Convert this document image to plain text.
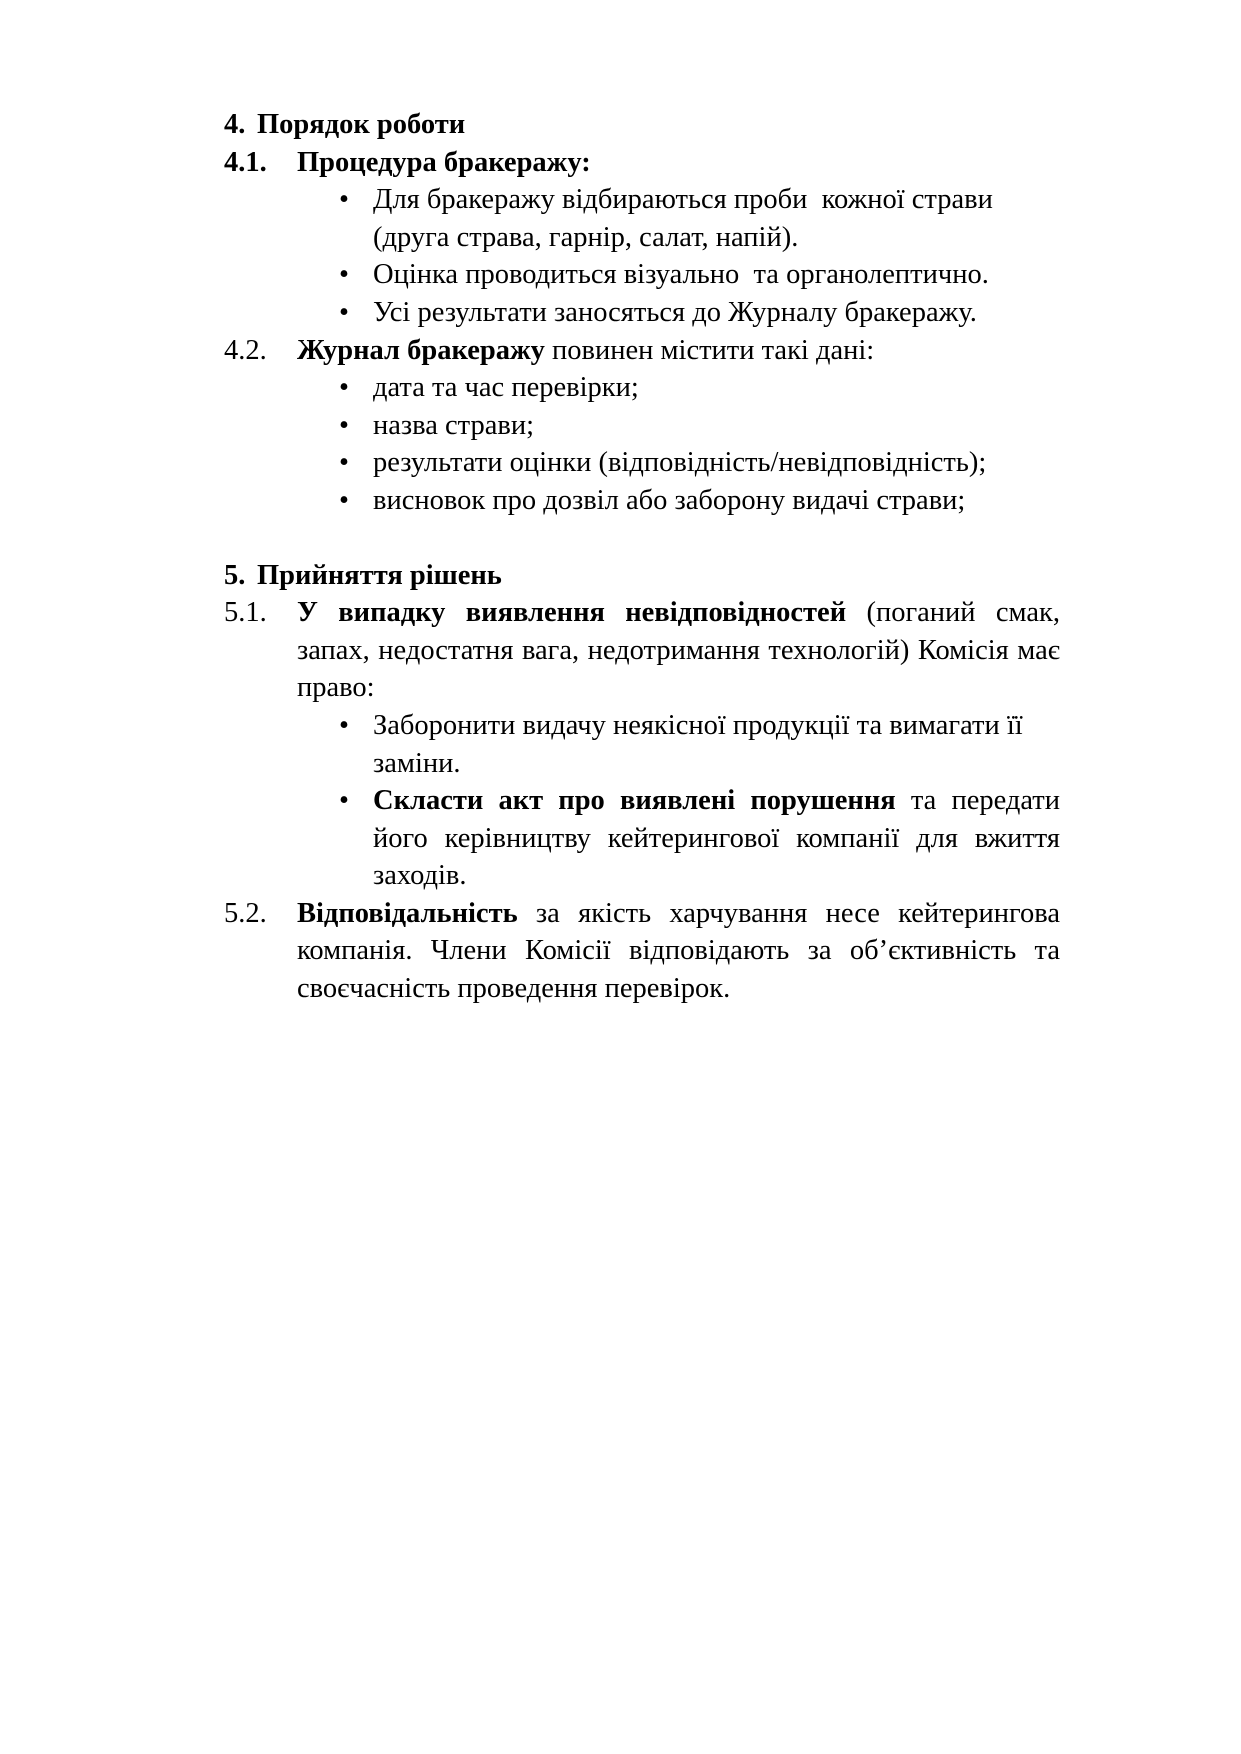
4. Порядок роботи
4.1.	Процедура бракеражу:
• Для бракеражу відбираються проби  кожної страви (друга страва, гарнір, салат, напій).
• Оцінка проводиться візуально  та органолептично.
• Усі результати заносяться до Журналу бракеражу.
4.2.	Журнал бракеражу повинен містити такі дані:
• дата та час перевірки;
• назва страви;
• результати оцінки (відповідність/невідповідність);
• висновок про дозвіл або заборону видачі страви;
5. Прийняття рішень
5.1.	У випадку виявлення невідповідностей (поганий смак, запах, недостатня вага, недотримання технологій) Комісія має право:
• Заборонити видачу неякісної продукції та вимагати її заміни.
• Скласти акт про виявлені порушення та передати його керівництву кейтерингової компанії для вжиття заходів.
5.2.	Відповідальність за якість харчування несе кейтерингова компанія. Члени Комісії відповідають за об’єктивність та своєчасність проведення перевірок.
